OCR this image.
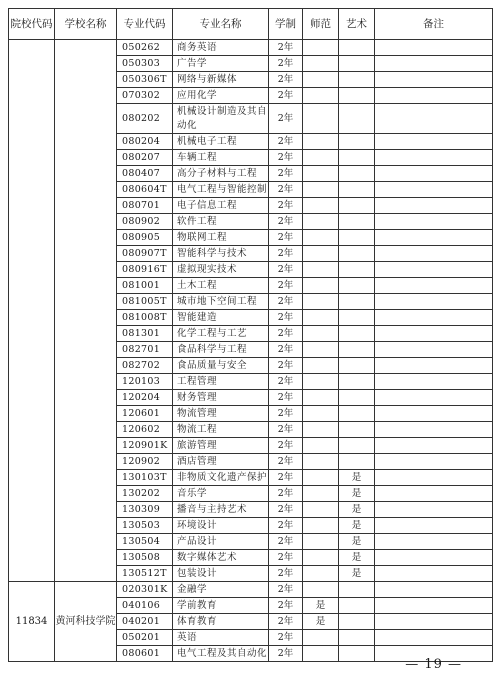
院校代码	学校名称	专业代码	专业名称	学制	师范	艺术	备注
		050262	商务英语	2年			
		050303	广告学	2年			
		050306T	网络与新媒体	2年			
		070302	应用化学	2年			
		080202	机械设计制造及其自动化	2年			
		080204	机械电子工程	2年			
		080207	车辆工程	2年			
		080407	高分子材料与工程	2年			
		080604T	电气工程与智能控制	2年			
		080701	电子信息工程	2年			
		080902	软件工程	2年			
		080905	物联网工程	2年			
		080907T	智能科学与技术	2年			
		080916T	虚拟现实技术	2年			
		081001	土木工程	2年			
		081005T	城市地下空间工程	2年			
		081008T	智能建造	2年			
		081301	化学工程与工艺	2年			
		082701	食品科学与工程	2年			
		082702	食品质量与安全	2年			
		120103	工程管理	2年			
		120204	财务管理	2年			
		120601	物流管理	2年			
		120602	物流工程	2年			
		120901K	旅游管理	2年			
		120902	酒店管理	2年			
		130103T	非物质文化遗产保护	2年		是	
		130202	音乐学	2年		是	
		130309	播音与主持艺术	2年		是	
		130503	环境设计	2年		是	
		130504	产品设计	2年		是	
		130508	数字媒体艺术	2年		是	
		130512T	包装设计	2年		是	
11834	黄河科技学院	020301K	金融学	2年			
		040106	学前教育	2年	是		
		040201	体育教育	2年	是		
		050201	英语	2年			
		080601	电气工程及其自动化	2年			
— 19 —
